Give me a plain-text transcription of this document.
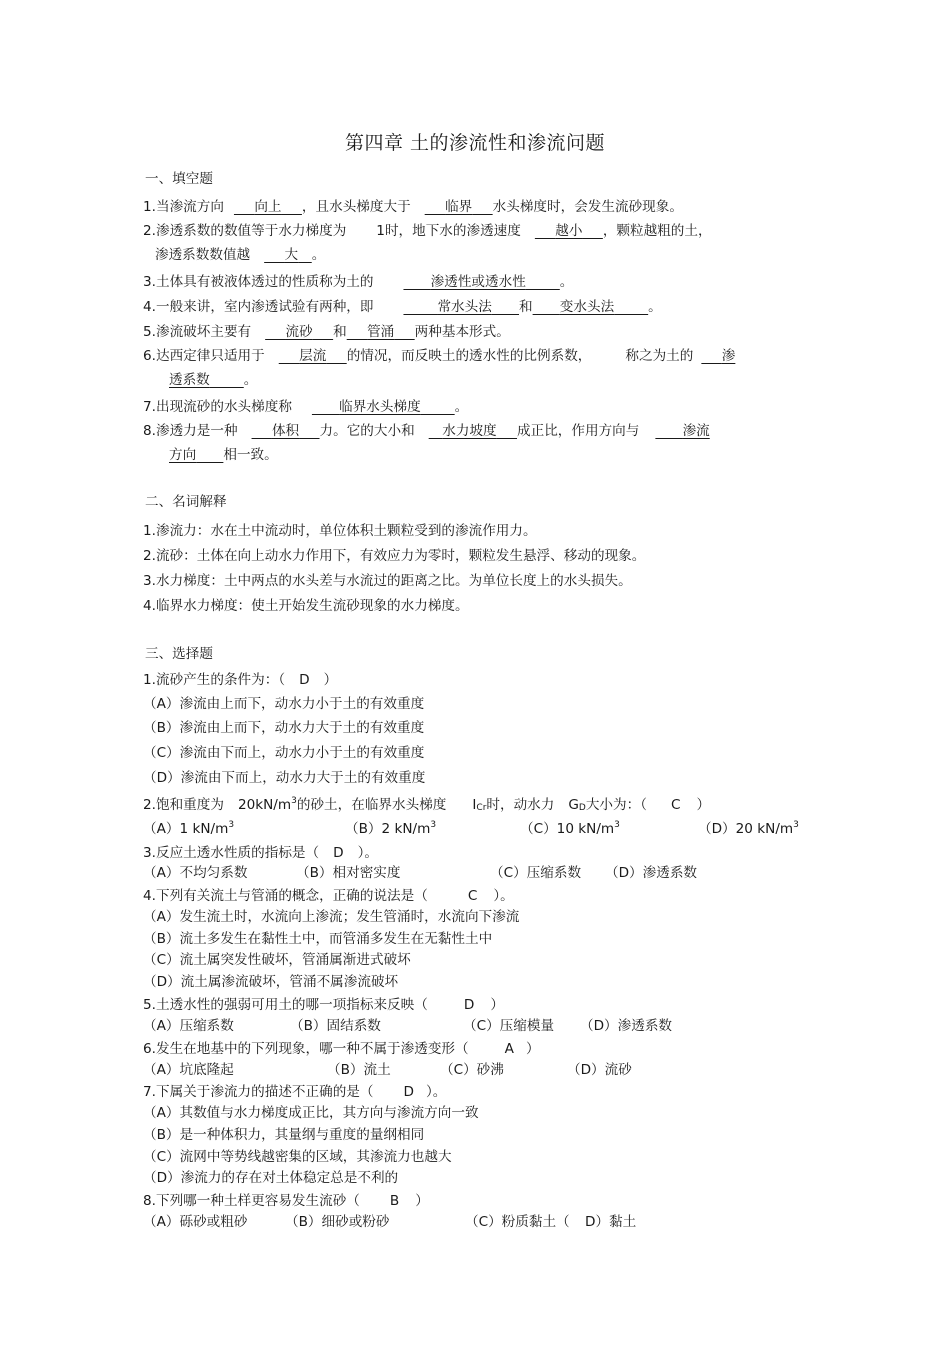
第四章 土的渗流性和渗流问题
一、填空题
1.当渗流方向   向上   ，且水头梯度大于  	临界   水头梯度时，会发生流砂现象。
2.渗透系数的数值等于水力梯度为 1时，地下水的渗透速度  	越小   ，颗粒越粗的土，
渗透系数数值越  	大  。
3.土体具有被液体透过的性质称为土的  	渗透性或透水性    。
4.一般来讲，室内渗透试验有两种，即   	常水头法   和   变水头法    。
5.渗流破坏主要有  	流砂   和   管涌   两种基本形式。
6.达西定律只适用于  	层流   的情况，而反映土的透水性的比例系数，	称之为土的   渗
透系数    。
7.出现流砂的水头梯度称  	临界水头梯度    。
8.渗透力是一种  	体积   力。它的大小和  水力坡度   成正比，作用方向与  	渗流
方向   相一致。
二、名词解释
1.渗流力：水在土中流动时，单位体积土颗粒受到的渗流作用力。
2.流砂：土体在向上动水力作用下，有效应力为零时，颗粒发生悬浮、移动的现象。
3.水力梯度：土中两点的水头差与水流过的距离之比。为单位长度上的水头损失。
4.临界水力梯度：使土开始发生流砂现象的水力梯度。
三、选择题
1.流砂产生的条件为：（ D ）
（A）渗流由上而下，动水力小于土的有效重度
（B）渗流由上而下，动水力大于土的有效重度
（C）渗流由下而上，动水力小于土的有效重度
（D）渗流由下而上，动水力大于土的有效重度
2.饱和重度为 $20kN/m^3$的砂土，在临界水头梯度 $I_{Cr}$时，动水力 $G_D$大小为：（ C ）
（A）1 $kN/m^3$	（B）2 $kN/m^3$	（C）10 $kN/m^3$	（D）20 $kN/m^3$
3.反应土透水性质的指标是（ D ）。
（A）不均匀系数	（B）相对密实度	（C）压缩系数 （D）渗透系数
4.下列有关流土与管涌的概念，正确的说法是（	C ）。
（A）发生流土时，水流向上渗流；发生管涌时，水流向下渗流
（B）流土多发生在黏性土中，而管涌多发生在无黏性土中
（C）流土属突发性破坏，管涌属渐进式破坏
（D）流土属渗流破坏，管涌不属渗流破坏
5.土透水性的强弱可用土的哪一项指标来反映（	D ）
（A）压缩系数	（B）固结系数	（C）压缩模量 （D）渗透系数
6.发生在地基中的下列现象，哪一种不属于渗透变形（	A ）
（A）坑底隆起	（B）流土	（C）砂沸	（D）流砂
7.下属关于渗流力的描述不正确的是（ D ）。
（A）其数值与水力梯度成正比，其方向与渗流方向一致
（B）是一种体积力，其量纲与重度的量纲相同
（C）流网中等势线越密集的区域，其渗流力也越大
（D）渗流力的存在对土体稳定总是不利的
8.下列哪一种土样更容易发生流砂（ B ）
（A）砾砂或粗砂	（B）细砂或粉砂	（C）粉质黏土（ D）黏土
